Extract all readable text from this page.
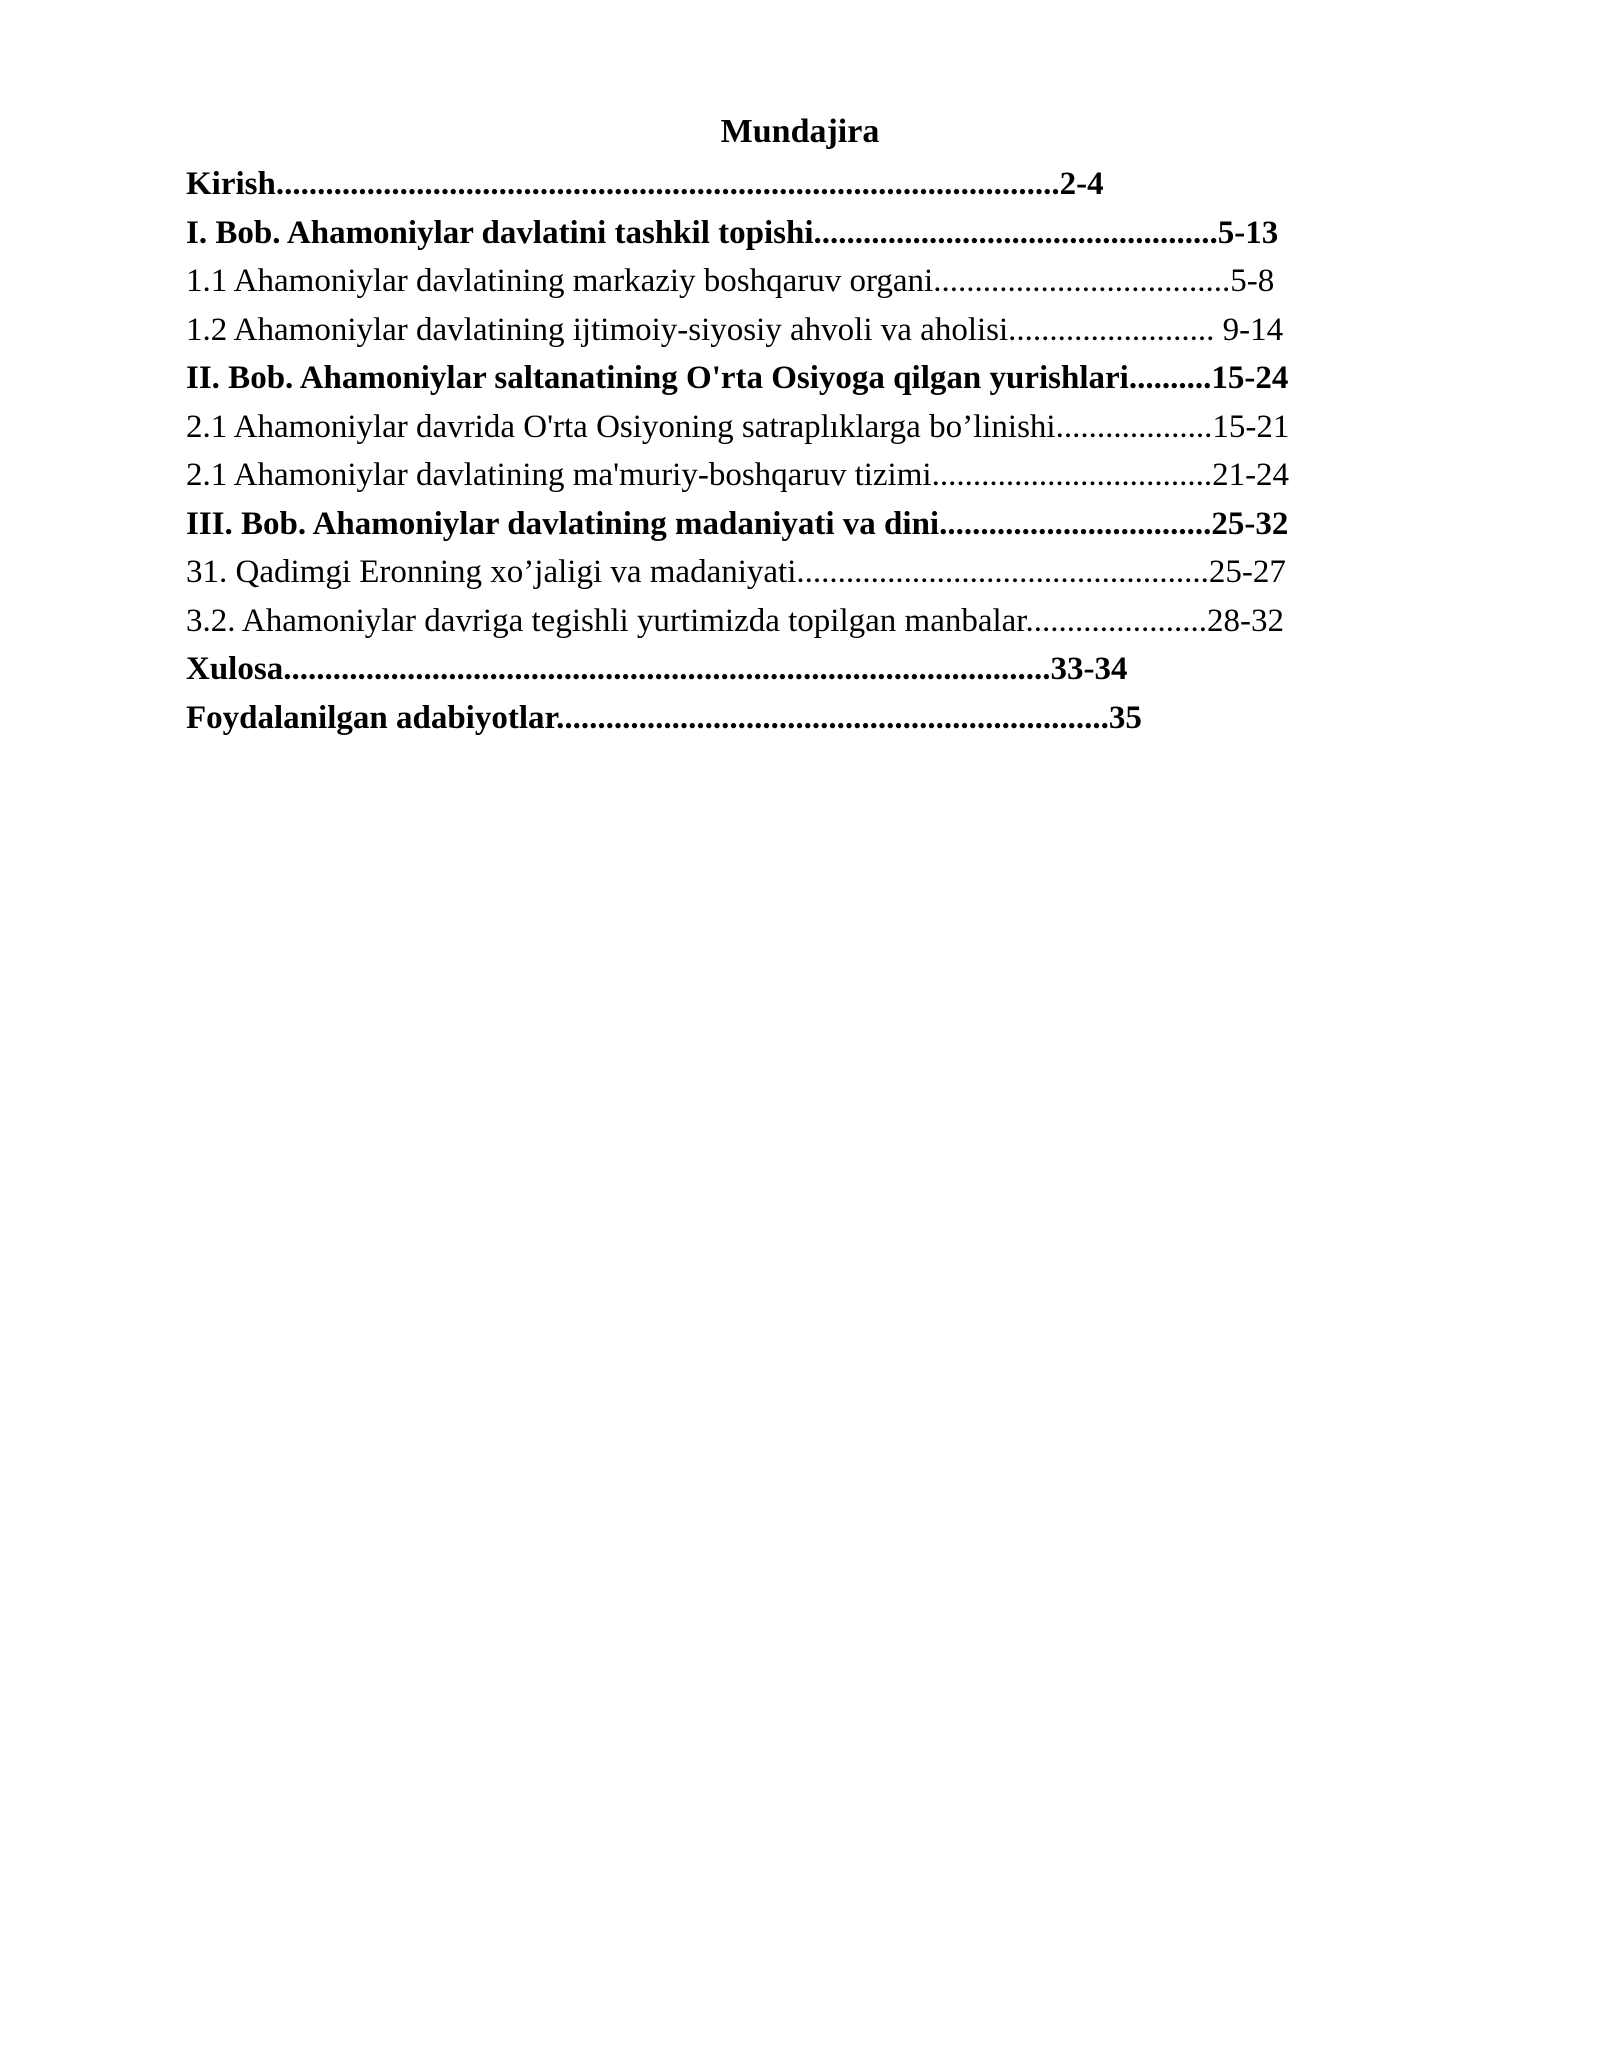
Mundajira
Kirish...............................................................................................2-4
I. Bob. Ahamoniylar davlatini tashkil topishi.................................................5-13
1.1 Ahamoniylar davlatining markaziy boshqaruv organi....................................5-8
1.2 Ahamoniylar davlatining ijtimoiy-siyosiy ahvoli va aholisi......................... 9-14
II. Bob. Ahamoniylar saltanatining O'rta Osiyoga qilgan yurishlari..........15-24
2.1 Ahamoniylar davrida O'rta Osiyoning satraplıklarga bo’linishi...................15-21
2.1 Ahamoniylar davlatining ma'muriy-boshqaruv tizimi..................................21-24
III. Bob. Ahamoniylar davlatining madaniyati va dini.................................25-32
31. Qadimgi Eronning xo’jaligi va madaniyati..................................................25-27
3.2. Ahamoniylar davriga tegishli yurtimizda topilgan manbalar......................28-32
Xulosa.............................................................................................33-34
Foydalanilgan adabiyotlar...................................................................35
